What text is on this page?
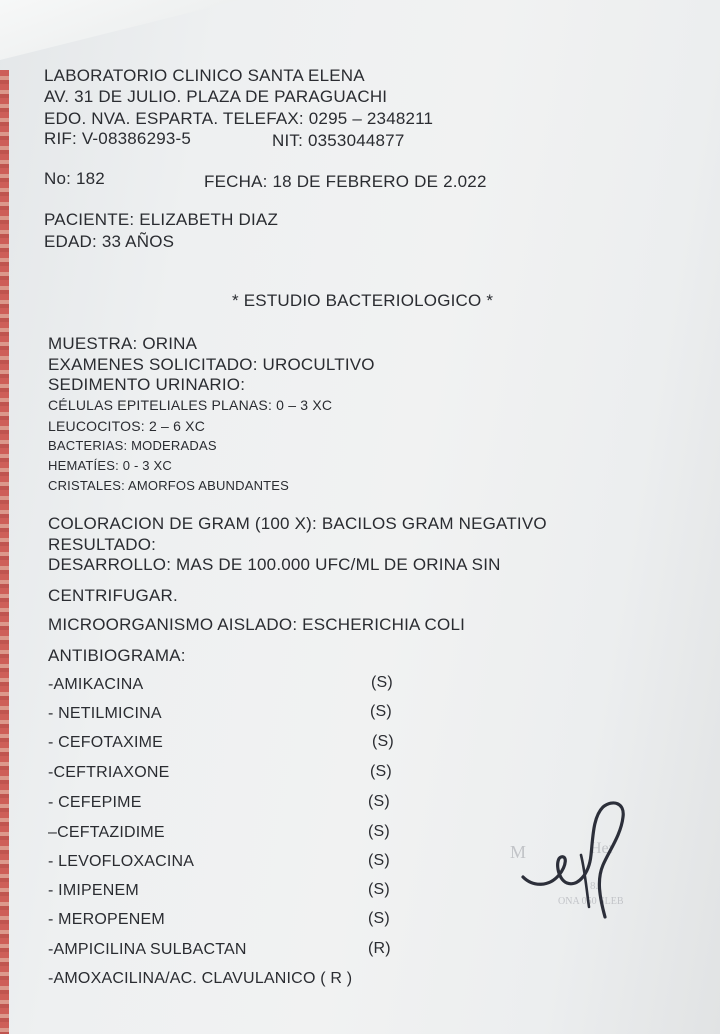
LABORATORIO CLINICO SANTA ELENA
AV. 31 DE JULIO. PLAZA DE PARAGUACHI
EDO. NVA. ESPARTA. TELEFAX: 0295 – 2348211
RIF: V-08386293-5	NIT: 0353044877
No: 182	FECHA: 18 DE FEBRERO DE 2.022
PACIENTE: ELIZABETH DIAZ
EDAD: 33 AÑOS
* ESTUDIO BACTERIOLOGICO *
MUESTRA: ORINA
EXAMENES SOLICITADO: UROCULTIVO
SEDIMENTO URINARIO:
CÉLULAS EPITELIALES PLANAS: 0 – 3 XC
LEUCOCITOS: 2 – 6 XC
BACTERIAS: MODERADAS
HEMATÍES: 0 - 3 XC
CRISTALES: AMORFOS ABUNDANTES
COLORACION DE GRAM (100 X): BACILOS GRAM NEGATIVO
RESULTADO:
DESARROLLO: MAS DE 100.000 UFC/ML DE ORINA SIN
CENTRIFUGAR.
MICROORGANISMO AISLADO: ESCHERICHIA COLI
ANTIBIOGRAMA:
-AMIKACINA	(S)
- NETILMICINA	(S)
- CEFOTAXIME	(S)
-CEFTRIAXONE	(S)
- CEFEPIME	(S)
–CEFTAZIDIME	(S)
- LEVOFLOXACINA	(S)
- IMIPENEM	(S)
- MEROPENEM	(S)
-AMPICILINA SULBACTAN	(R)
-AMOXACILINA/AC. CLAVULANICO ( R )
M	Her
8.
ONA 050 SLEB
